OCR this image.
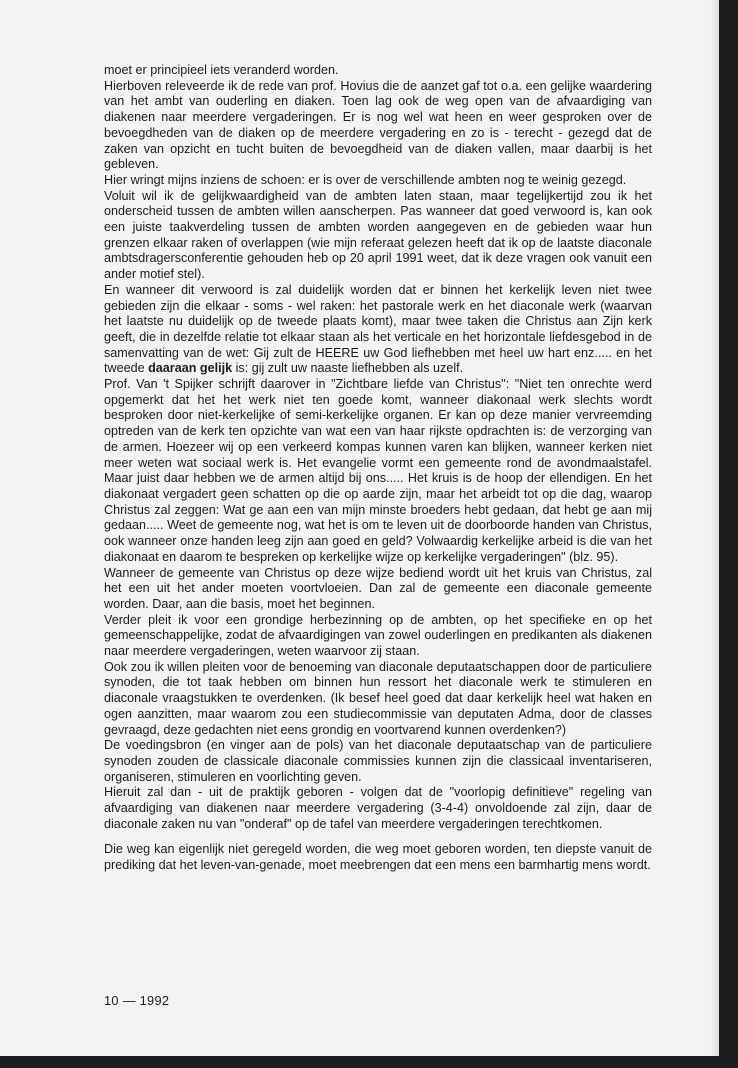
moet er principieel iets veranderd worden.

Hierboven releveerde ik de rede van prof. Hovius die de aanzet gaf tot o.a. een gelijke waardering van het ambt van ouderling en diaken. Toen lag ook de weg open van de afvaardiging van diakenen naar meerdere vergaderingen. Er is nog wel wat heen en weer gesproken over de bevoegdheden van de diaken op de meerdere vergadering en zo is - terecht - gezegd dat de zaken van opzicht en tucht buiten de bevoegdheid van de diaken vallen, maar daarbij is het gebleven.

Hier wringt mijns inziens de schoen: er is over de verschillende ambten nog te weinig gezegd.

Voluit wil ik de gelijkwaardigheid van de ambten laten staan, maar tegelijkertijd zou ik het onderscheid tussen de ambten willen aanscherpen. Pas wanneer dat goed verwoord is, kan ook een juiste taakverdeling tussen de ambten worden aangegeven en de gebieden waar hun grenzen elkaar raken of overlappen (wie mijn referaat gelezen heeft dat ik op de laatste diaconale ambtsdragersconferentie gehouden heb op 20 april 1991 weet, dat ik deze vragen ook vanuit een ander motief stel).

En wanneer dit verwoord is zal duidelijk worden dat er binnen het kerkelijk leven niet twee gebieden zijn die elkaar - soms - wel raken: het pastorale werk en het diaconale werk (waarvan het laatste nu duidelijk op de tweede plaats komt), maar twee taken die Christus aan Zijn kerk geeft, die in dezelfde relatie tot elkaar staan als het verticale en het horizontale liefdesgebod in de samenvatting van de wet: Gij zult de HEERE uw God liefhebben met heel uw hart enz..... en het tweede daaraan gelijk is: gij zult uw naaste liefhebben als uzelf.

Prof. Van 't Spijker schrijft daarover in "Zichtbare liefde van Christus": "Niet ten onrechte werd opgemerkt dat het het werk niet ten goede komt, wanneer diakonaal werk slechts wordt besproken door niet-kerkelijke of semi-kerkelijke organen. Er kan op deze manier vervreemding optreden van de kerk ten opzichte van wat een van haar rijkste opdrachten is: de verzorging van de armen. Hoezeer wij op een verkeerd kompas kunnen varen kan blijken, wanneer kerken niet meer weten wat sociaal werk is. Het evangelie vormt een gemeente rond de avondmaalstafel. Maar juist daar hebben we de armen altijd bij ons..... Het kruis is de hoop der ellendigen. En het diakonaat vergadert geen schatten op die op aarde zijn, maar het arbeidt tot op die dag, waarop Christus zal zeggen: Wat ge aan een van mijn minste broeders hebt gedaan, dat hebt ge aan mij gedaan..... Weet de gemeente nog, wat het is om te leven uit de doorboorde handen van Christus, ook wanneer onze handen leeg zijn aan goed en geld? Volwaardig kerkelijke arbeid is die van het diakonaat en daarom te bespreken op kerkelijke wijze op kerkelijke vergaderingen" (blz. 95).

Wanneer de gemeente van Christus op deze wijze bediend wordt uit het kruis van Christus, zal het een uit het ander moeten voortvloeien. Dan zal de gemeente een diaconale gemeente worden. Daar, aan die basis, moet het beginnen.

Verder pleit ik voor een grondige herbezinning op de ambten, op het specifieke en op het gemeenschappelijke, zodat de afvaardigingen van zowel ouderlingen en predikanten als diakenen naar meerdere vergaderingen, weten waarvoor zij staan.

Ook zou ik willen pleiten voor de benoeming van diaconale deputaatschappen door de particuliere synoden, die tot taak hebben om binnen hun ressort het diaconale werk te stimuleren en diaconale vraagstukken te overdenken. (Ik besef heel goed dat daar kerkelijk heel wat haken en ogen aanzitten, maar waarom zou een studiecommissie van deputaten Adma, door de classes gevraagd, deze gedachten niet eens grondig en voortvarend kunnen overdenken?)

De voedingsbron (en vinger aan de pols) van het diaconale deputaatschap van de particuliere synoden zouden de classicale diaconale commissies kunnen zijn die classicaal inventariseren, organiseren, stimuleren en voorlichting geven.

Hieruit zal dan - uit de praktijk geboren - volgen dat de "voorlopig definitieve" regeling van afvaardiging van diakenen naar meerdere vergadering (3-4-4) onvoldoende zal zijn, daar de diaconale zaken nu van "onderaf" op de tafel van meerdere vergaderingen terechtkomen.

Die weg kan eigenlijk niet geregeld worden, die weg moet geboren worden, ten diepste vanuit de prediking dat het leven-van-genade, moet meebrengen dat een mens een barmhartig mens wordt.

10 — 1992
